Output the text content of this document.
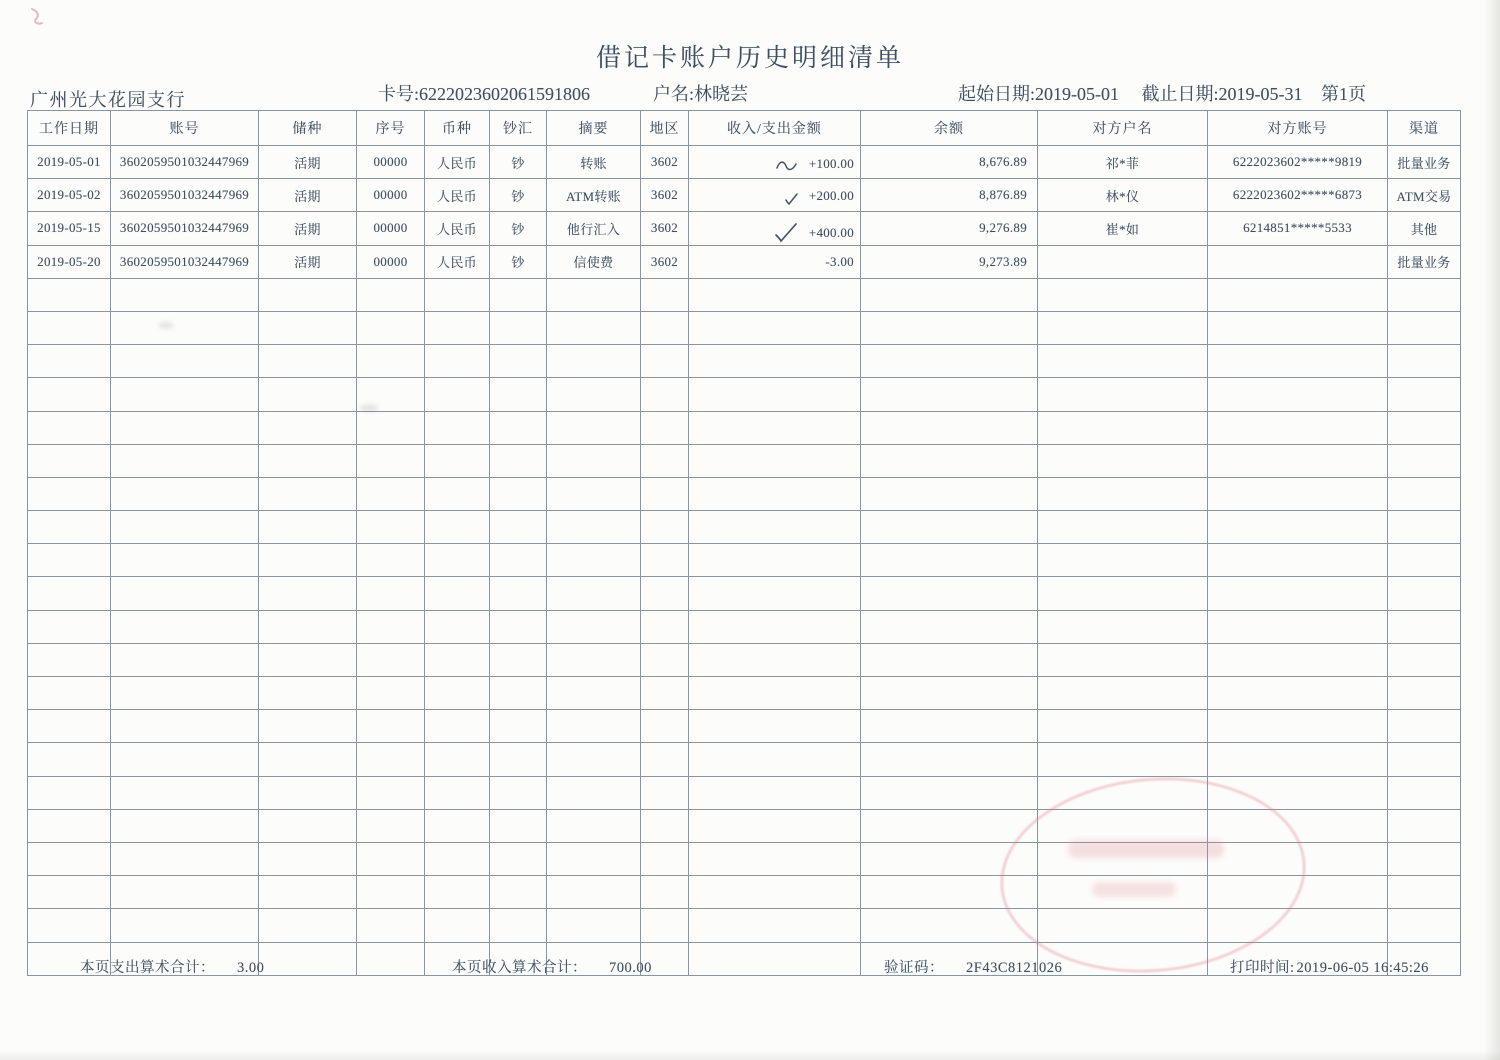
借记卡账户历史明细清单
广州光大花园支行	卡号:6222023602061591806	户名:林晓芸	起始日期:2019-05-01 截止日期:2019-05-31 第1页
工作日期	账号	储种	序号	币种	钞汇	摘要	地区	收入/支出金额	余额	对方户名	对方账号	渠道
2019-05-01	3602059501032447969	活期	00000	人民币	钞	转账	3602	+100.00	8,676.89	祁*菲	6222023602*****9819	批量业务
2019-05-02	3602059501032447969	活期	00000	人民币	钞	ATM转账	3602	+200.00	8,876.89	林*仪	6222023602*****6873	ATM交易
2019-05-15	3602059501032447969	活期	00000	人民币	钞	他行汇入	3602	+400.00	9,276.89	崔*如	6214851*****5533	其他
2019-05-20	3602059501032447969	活期	00000	人民币	钞	信使费	3602	-3.00	9,273.89			批量业务

本页支出算术合计： 3.00	本页收入算术合计： 700.00	验证码： 2F43C8121026	打印时间: 2019-06-05 16:45:26
